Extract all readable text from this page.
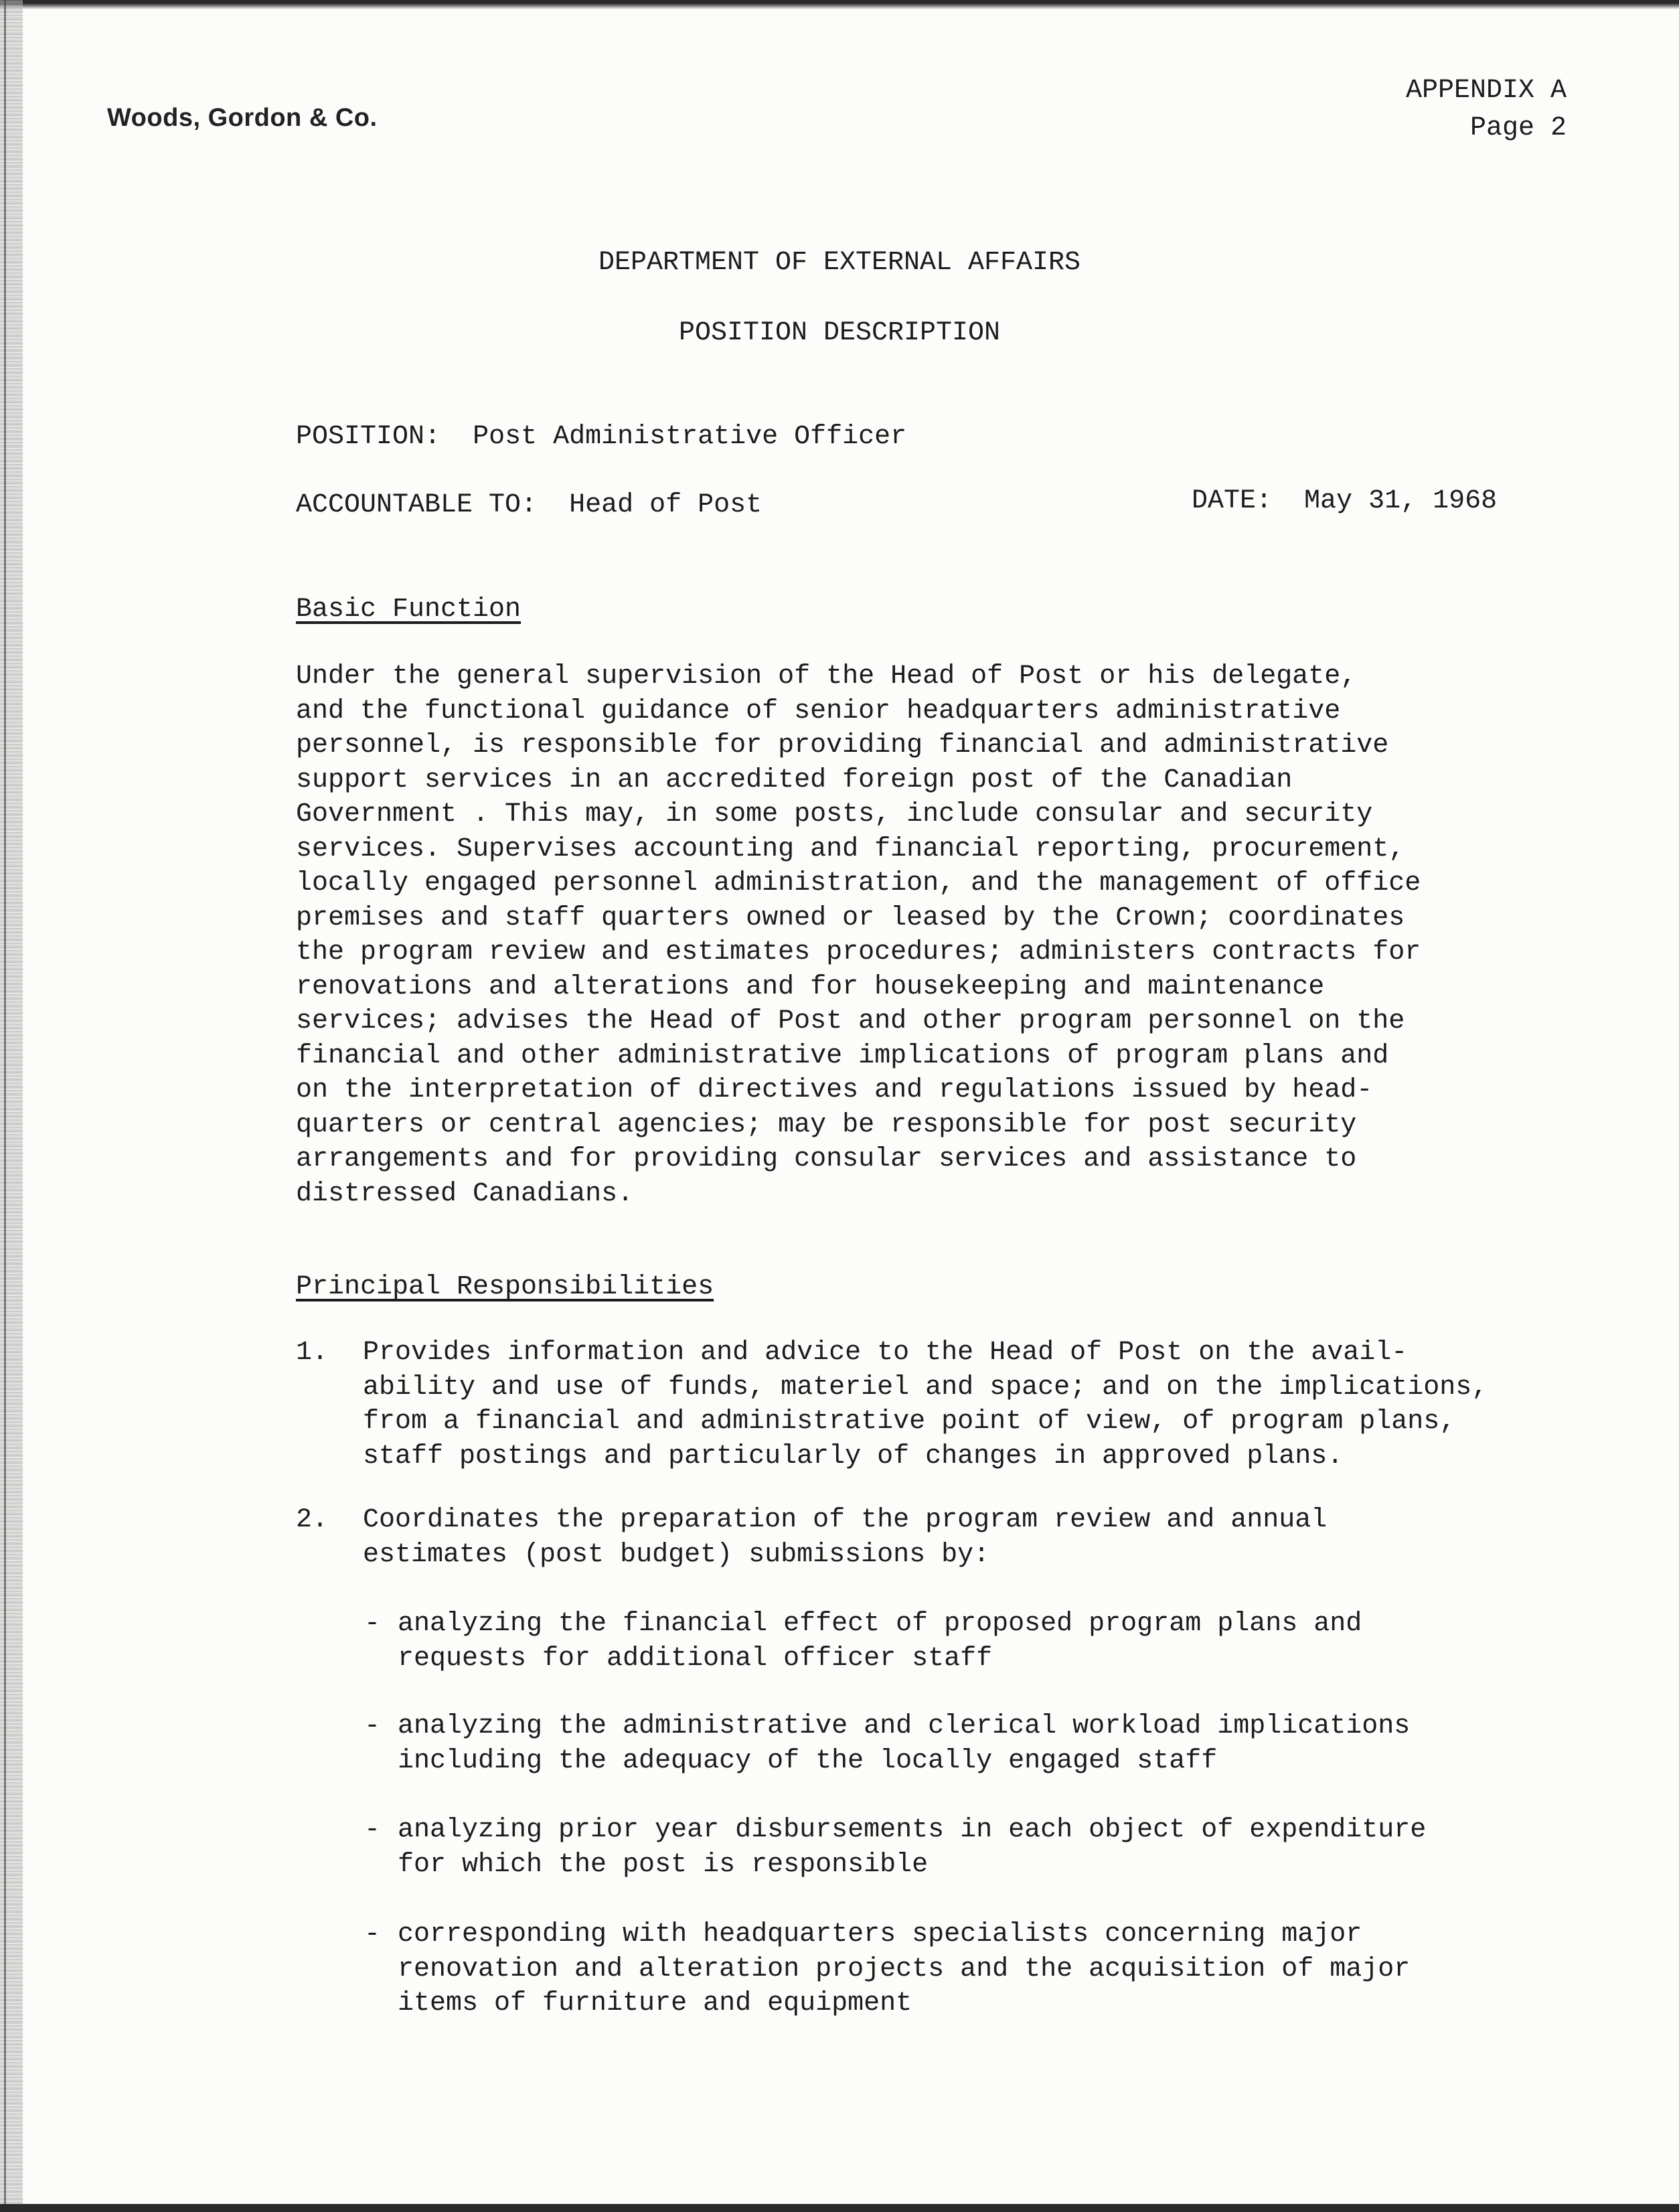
Woods, Gordon & Co.
APPENDIX A
Page 2
DEPARTMENT OF EXTERNAL AFFAIRS
POSITION DESCRIPTION
POSITION: Post Administrative Officer
ACCOUNTABLE TO: Head of Post	DATE: May 31, 1968
Basic Function
Under the general supervision of the Head of Post or his delegate,
and the functional guidance of senior headquarters administrative
personnel, is responsible for providing financial and administrative
support services in an accredited foreign post of the Canadian
Government . This may, in some posts, include consular and security
services. Supervises accounting and financial reporting, procurement,
locally engaged personnel administration, and the management of office
premises and staff quarters owned or leased by the Crown; coordinates
the program review and estimates procedures; administers contracts for
renovations and alterations and for housekeeping and maintenance
services; advises the Head of Post and other program personnel on the
financial and other administrative implications of program plans and
on the interpretation of directives and regulations issued by head-
quarters or central agencies; may be responsible for post security
arrangements and for providing consular services and assistance to
distressed Canadians.
Principal Responsibilities
1. Provides information and advice to the Head of Post on the avail-
ability and use of funds, materiel and space; and on the implications,
from a financial and administrative point of view, of program plans,
staff postings and particularly of changes in approved plans.
2. Coordinates the preparation of the program review and annual
estimates (post budget) submissions by:
- analyzing the financial effect of proposed program plans and
requests for additional officer staff
- analyzing the administrative and clerical workload implications
including the adequacy of the locally engaged staff
- analyzing prior year disbursements in each object of expenditure
for which the post is responsible
- corresponding with headquarters specialists concerning major
renovation and alteration projects and the acquisition of major
items of furniture and equipment
